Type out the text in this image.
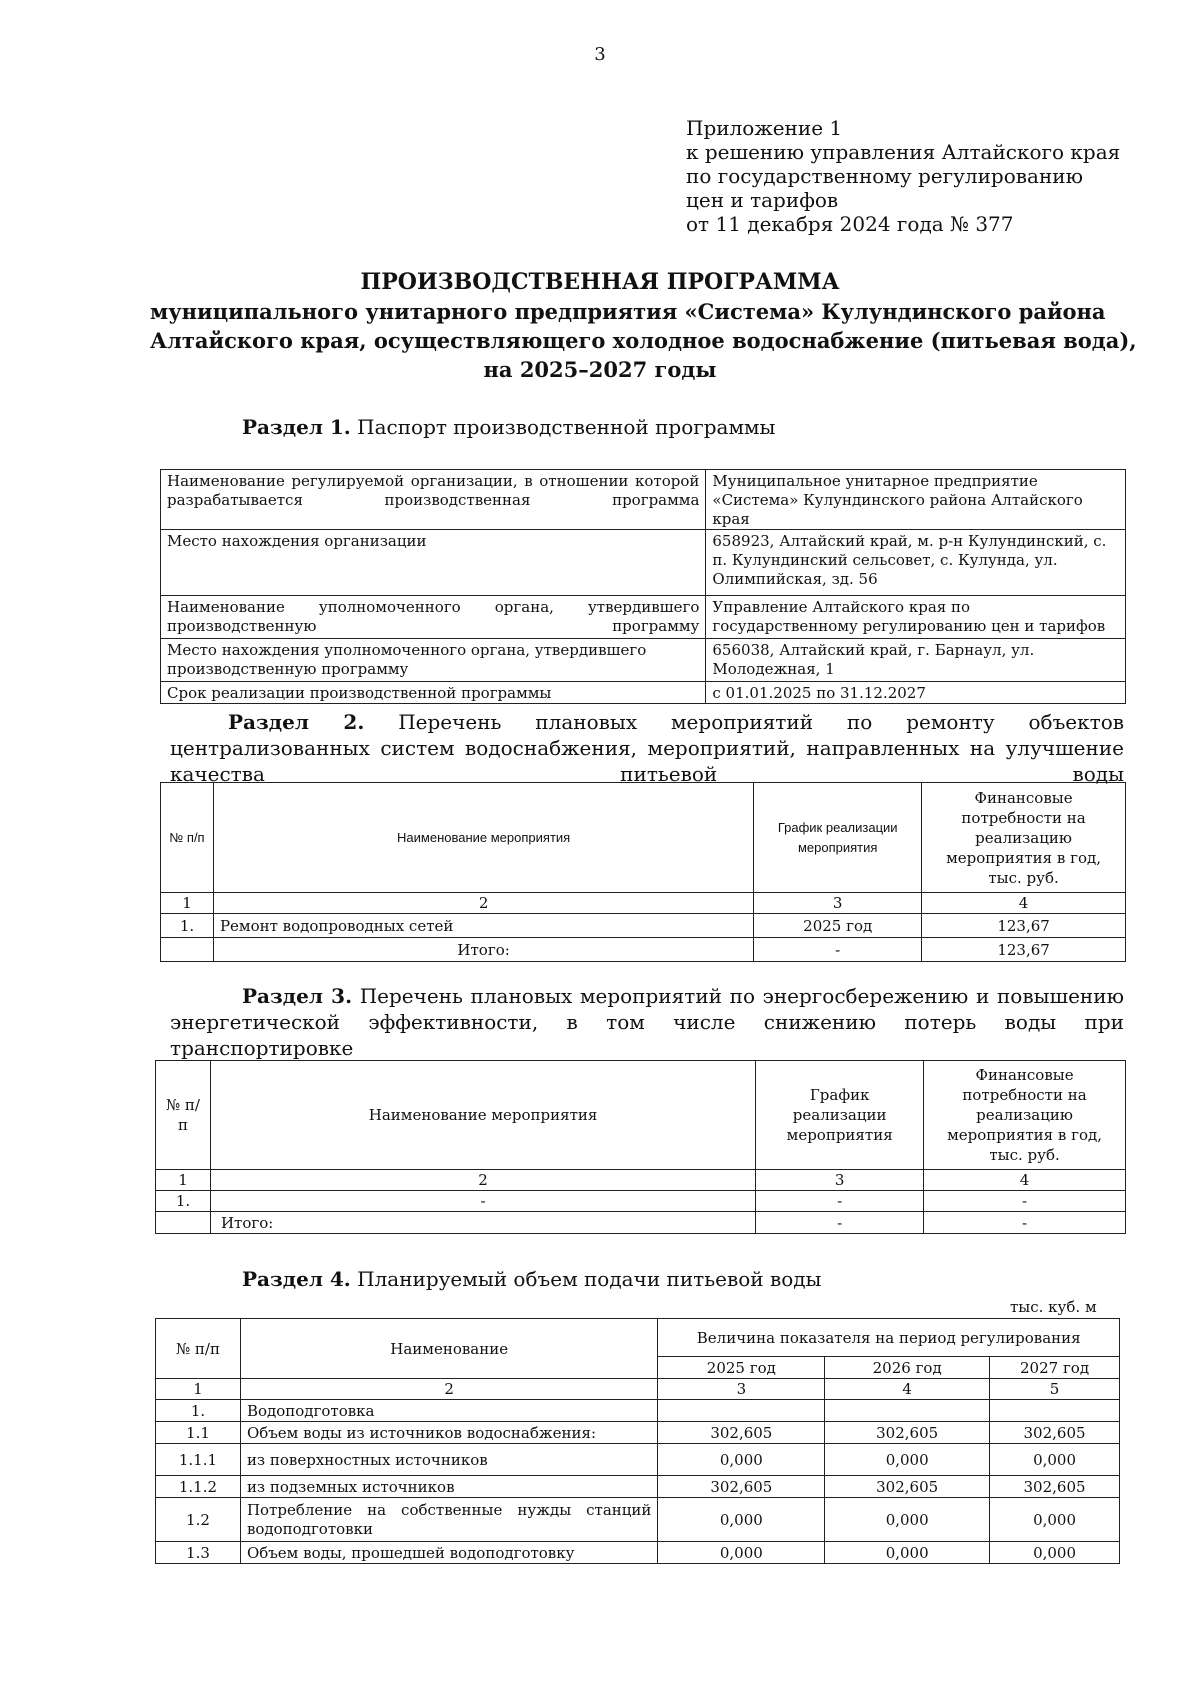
3
Приложение 1
к решению управления Алтайского края
по государственному регулированию
цен и тарифов
от 11 декабря 2024 года № 377
ПРОИЗВОДСТВЕННАЯ ПРОГРАММА
муниципального унитарного предприятия «Система» Кулундинского района
Алтайского края, осуществляющего холодное водоснабжение (питьевая вода),
на 2025–2027 годы
Раздел 1. Паспорт производственной программы
Наименование регулируемой организации, в отношении которой разрабатывается производственная программа	Муниципальное унитарное предприятие «Система» Кулундинского района Алтайского края
Место нахождения организации	658923, Алтайский край, м. р-н Кулундинский, с. п. Кулундинский сельсовет, с. Кулунда, ул. Олимпийская, зд. 56
Наименование уполномоченного органа, утвердившего производственную программу	Управление Алтайского края по государственному регулированию цен и тарифов
Место нахождения уполномоченного органа, утвердившего производственную программу	656038, Алтайский край, г. Барнаул, ул. Молодежная, 1
Срок реализации производственной программы	с 01.01.2025 по 31.12.2027
Раздел 2. Перечень плановых мероприятий по ремонту объектов централизованных систем водоснабжения, мероприятий, направленных на улучшение качества питьевой воды
№ п/п	Наименование мероприятия	График реализации мероприятия	Финансовые потребности на реализацию мероприятия в год, тыс. руб.
1	2	3	4
1.	Ремонт водопроводных сетей	2025 год	123,67
	Итого:	-	123,67
Раздел 3. Перечень плановых мероприятий по энергосбережению и повышению энергетической эффективности, в том числе снижению потерь воды при транспортировке
№ п/п	Наименование мероприятия	График реализации мероприятия	Финансовые потребности на реализацию мероприятия в год, тыс. руб.
1	2	3	4
1.	-	-	-
	Итого:	-	-
Раздел 4. Планируемый объем подачи питьевой воды
тыс. куб. м
№ п/п	Наименование	Величина показателя на период регулирования		
		2025 год	2026 год	2027 год
1	2	3	4	5
1.	Водоподготовка			
1.1	Объем воды из источников водоснабжения:	302,605	302,605	302,605
1.1.1	из поверхностных источников	0,000	0,000	0,000
1.1.2	из подземных источников	302,605	302,605	302,605
1.2	Потребление на собственные нужды станций водоподготовки	0,000	0,000	0,000
1.3	Объем воды, прошедшей водоподготовку	0,000	0,000	0,000
